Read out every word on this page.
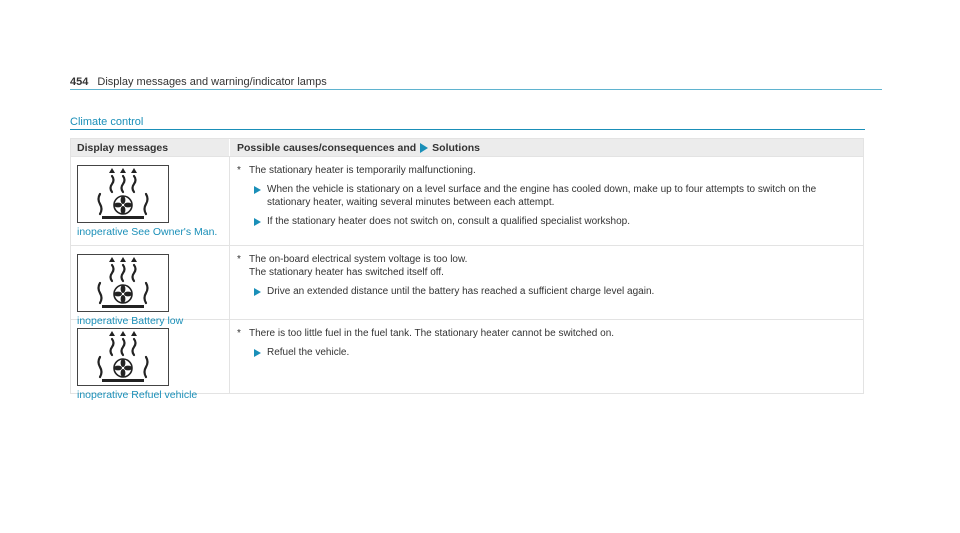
454 Display messages and warning/indicator lamps
Climate control
Display messages	Possible causes/consequences and Solutions
inoperative See Owner's Man.
* The stationary heater is temporarily malfunctioning.
When the vehicle is stationary on a level surface and the engine has cooled down, make up to four attempts to switch on the stationary heater, waiting several minutes between each attempt.
If the stationary heater does not switch on, consult a qualified specialist workshop.
inoperative Battery low
* The on-board electrical system voltage is too low.
The stationary heater has switched itself off.
Drive an extended distance until the battery has reached a sufficient charge level again.
inoperative Refuel vehicle
* There is too little fuel in the fuel tank. The stationary heater cannot be switched on.
Refuel the vehicle.
